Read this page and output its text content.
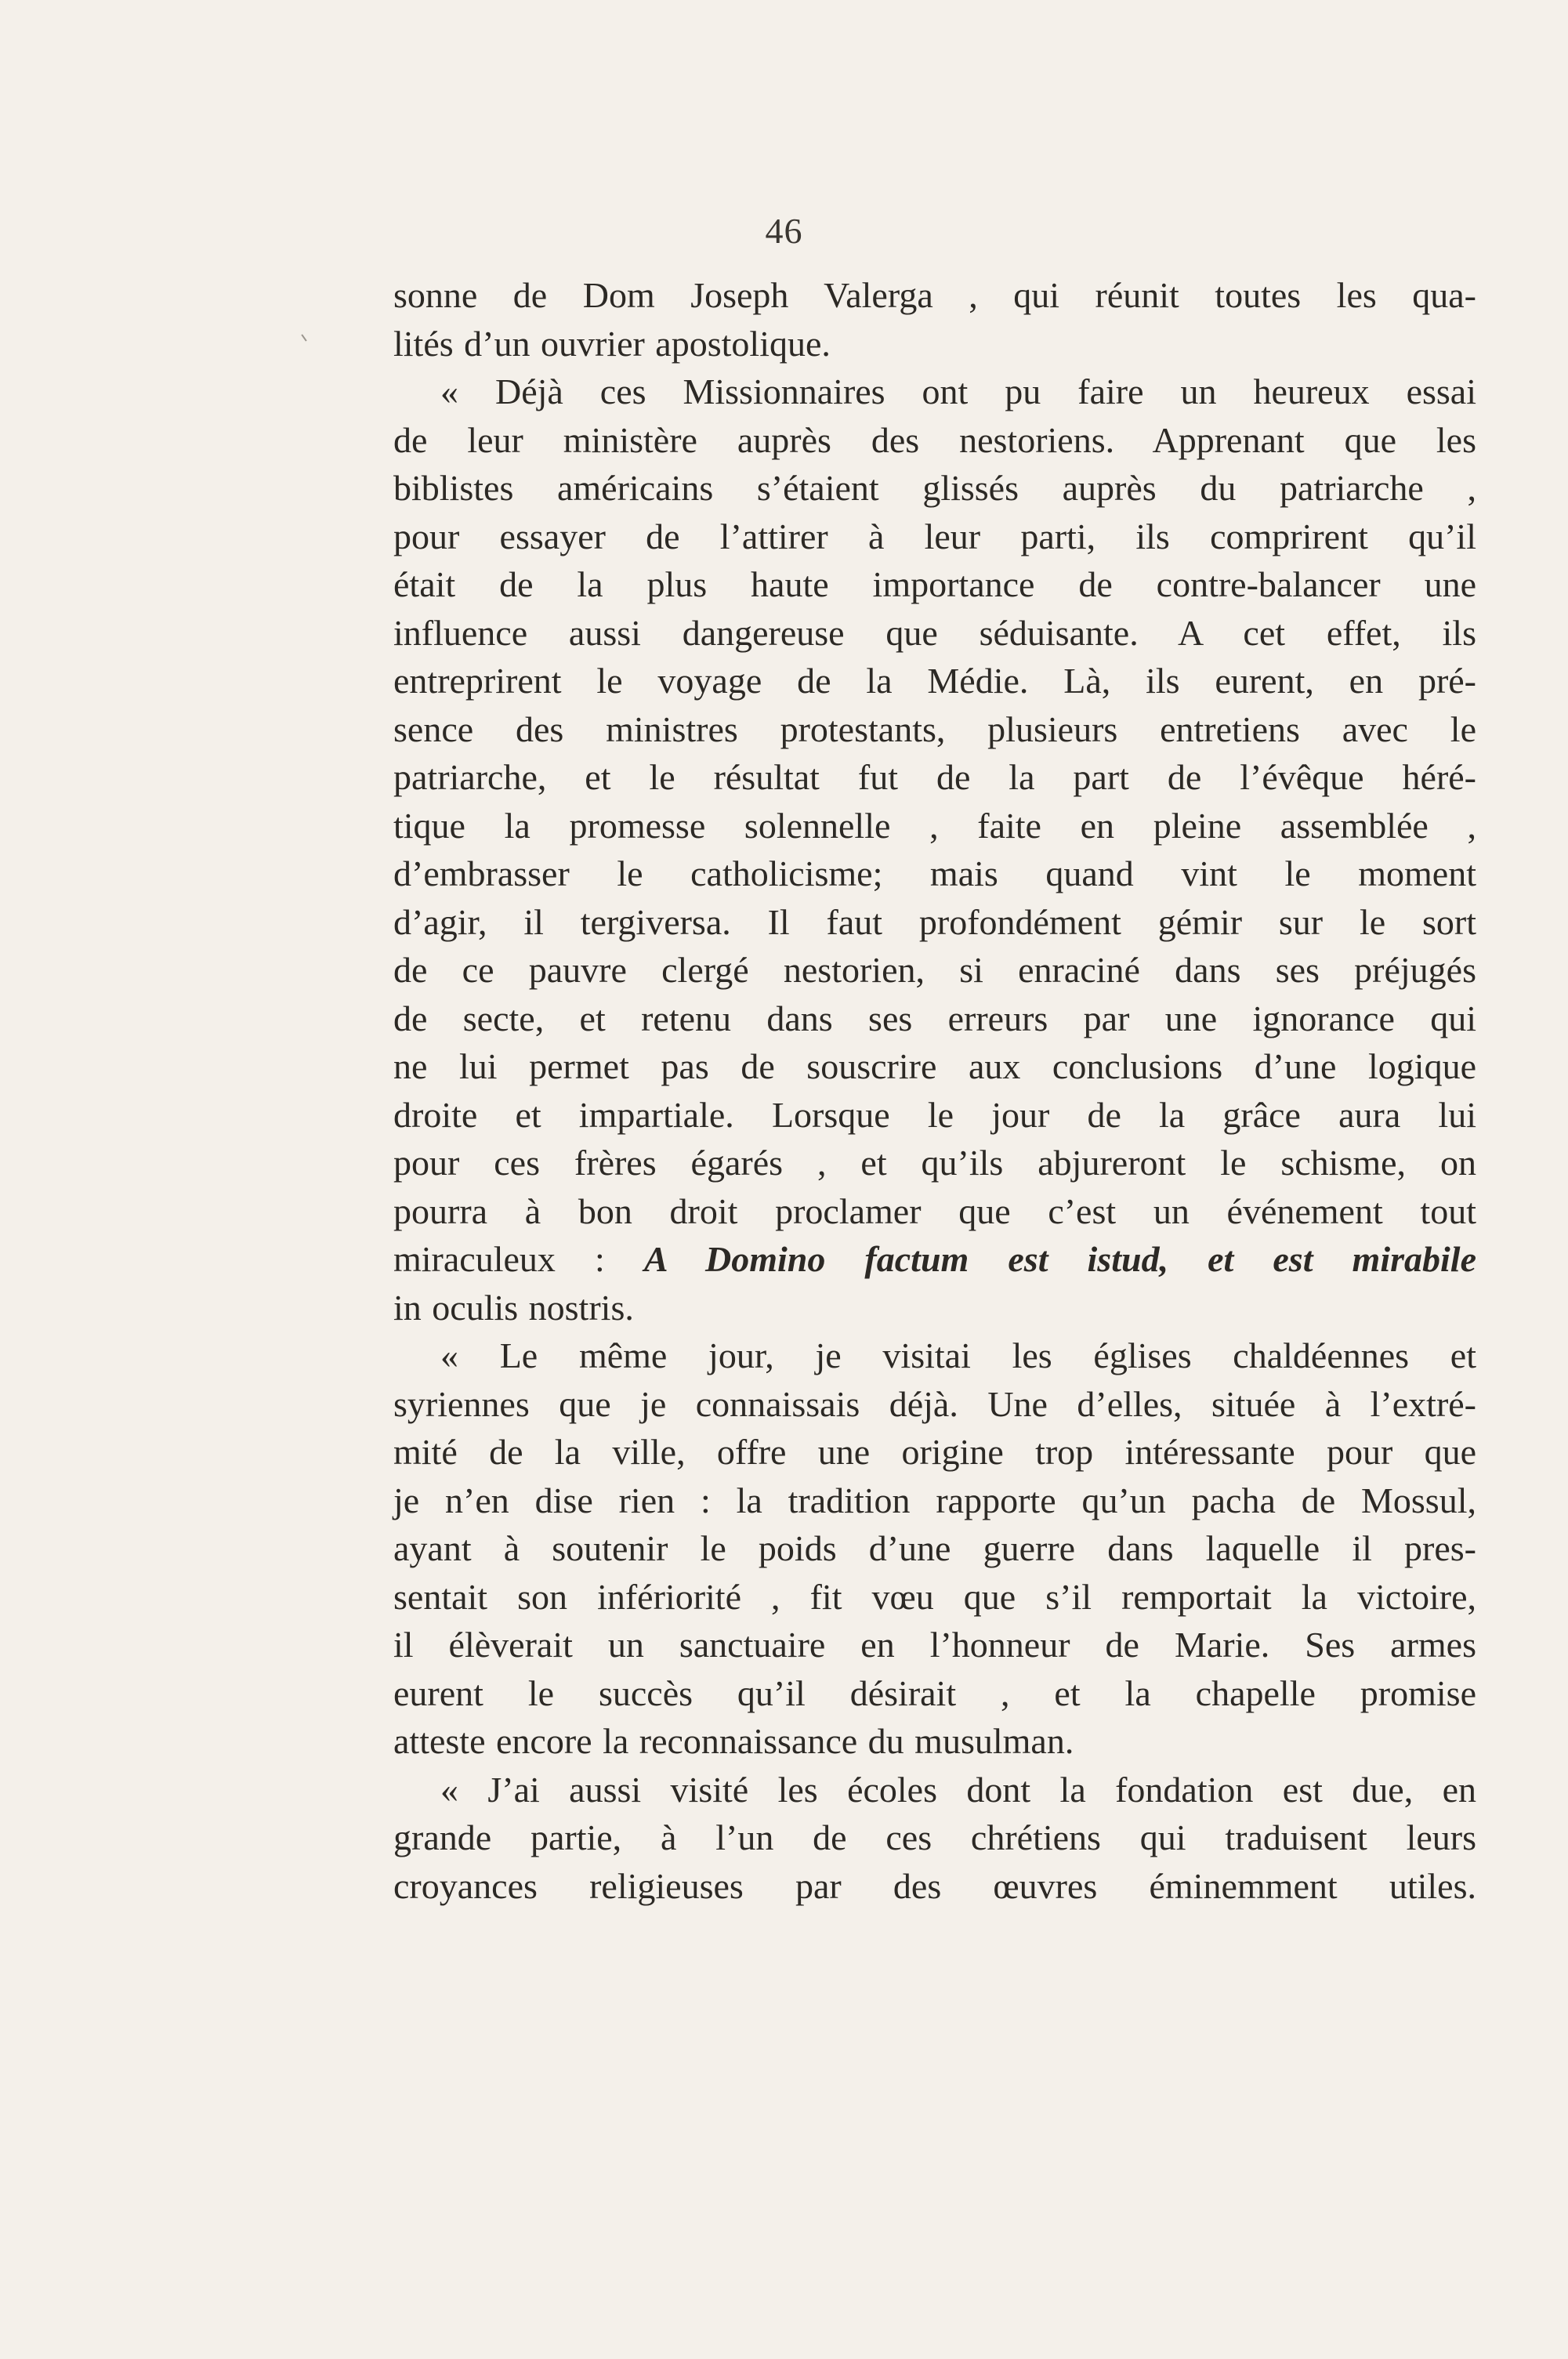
46
sonne de Dom Joseph Valerga , qui réunit toutes les qua-
lités d’un ouvrier apostolique.
« Déjà ces Missionnaires ont pu faire un heureux essai
de leur ministère auprès des nestoriens. Apprenant que les
biblistes américains s’étaient glissés auprès du patriarche ,
pour essayer de l’attirer à leur parti, ils comprirent qu’il
était de la plus haute importance de contre-balancer une
influence aussi dangereuse que séduisante. A cet effet, ils
entreprirent le voyage de la Médie. Là, ils eurent, en pré-
sence des ministres protestants, plusieurs entretiens avec le
patriarche, et le résultat fut de la part de l’évêque héré-
tique la promesse solennelle , faite en pleine assemblée ,
d’embrasser le catholicisme; mais quand vint le moment
d’agir, il tergiversa. Il faut profondément gémir sur le sort
de ce pauvre clergé nestorien, si enraciné dans ses préjugés
de secte, et retenu dans ses erreurs par une ignorance qui
ne lui permet pas de souscrire aux conclusions d’une logique
droite et impartiale. Lorsque le jour de la grâce aura lui
pour ces frères égarés , et qu’ils abjureront le schisme, on
pourra à bon droit proclamer que c’est un événement tout
miraculeux : A Domino factum est istud, et est mirabile
in oculis nostris.
« Le même jour, je visitai les églises chaldéennes et
syriennes que je connaissais déjà. Une d’elles, située à l’extré-
mité de la ville, offre une origine trop intéressante pour que
je n’en dise rien : la tradition rapporte qu’un pacha de Mossul,
ayant à soutenir le poids d’une guerre dans laquelle il pres-
sentait son infériorité , fit vœu que s’il remportait la victoire,
il élèverait un sanctuaire en l’honneur de Marie. Ses armes
eurent le succès qu’il désirait , et la chapelle promise
atteste encore la reconnaissance du musulman.
« J’ai aussi visité les écoles dont la fondation est due, en
grande partie, à l’un de ces chrétiens qui traduisent leurs
croyances religieuses par des œuvres éminemment utiles.
